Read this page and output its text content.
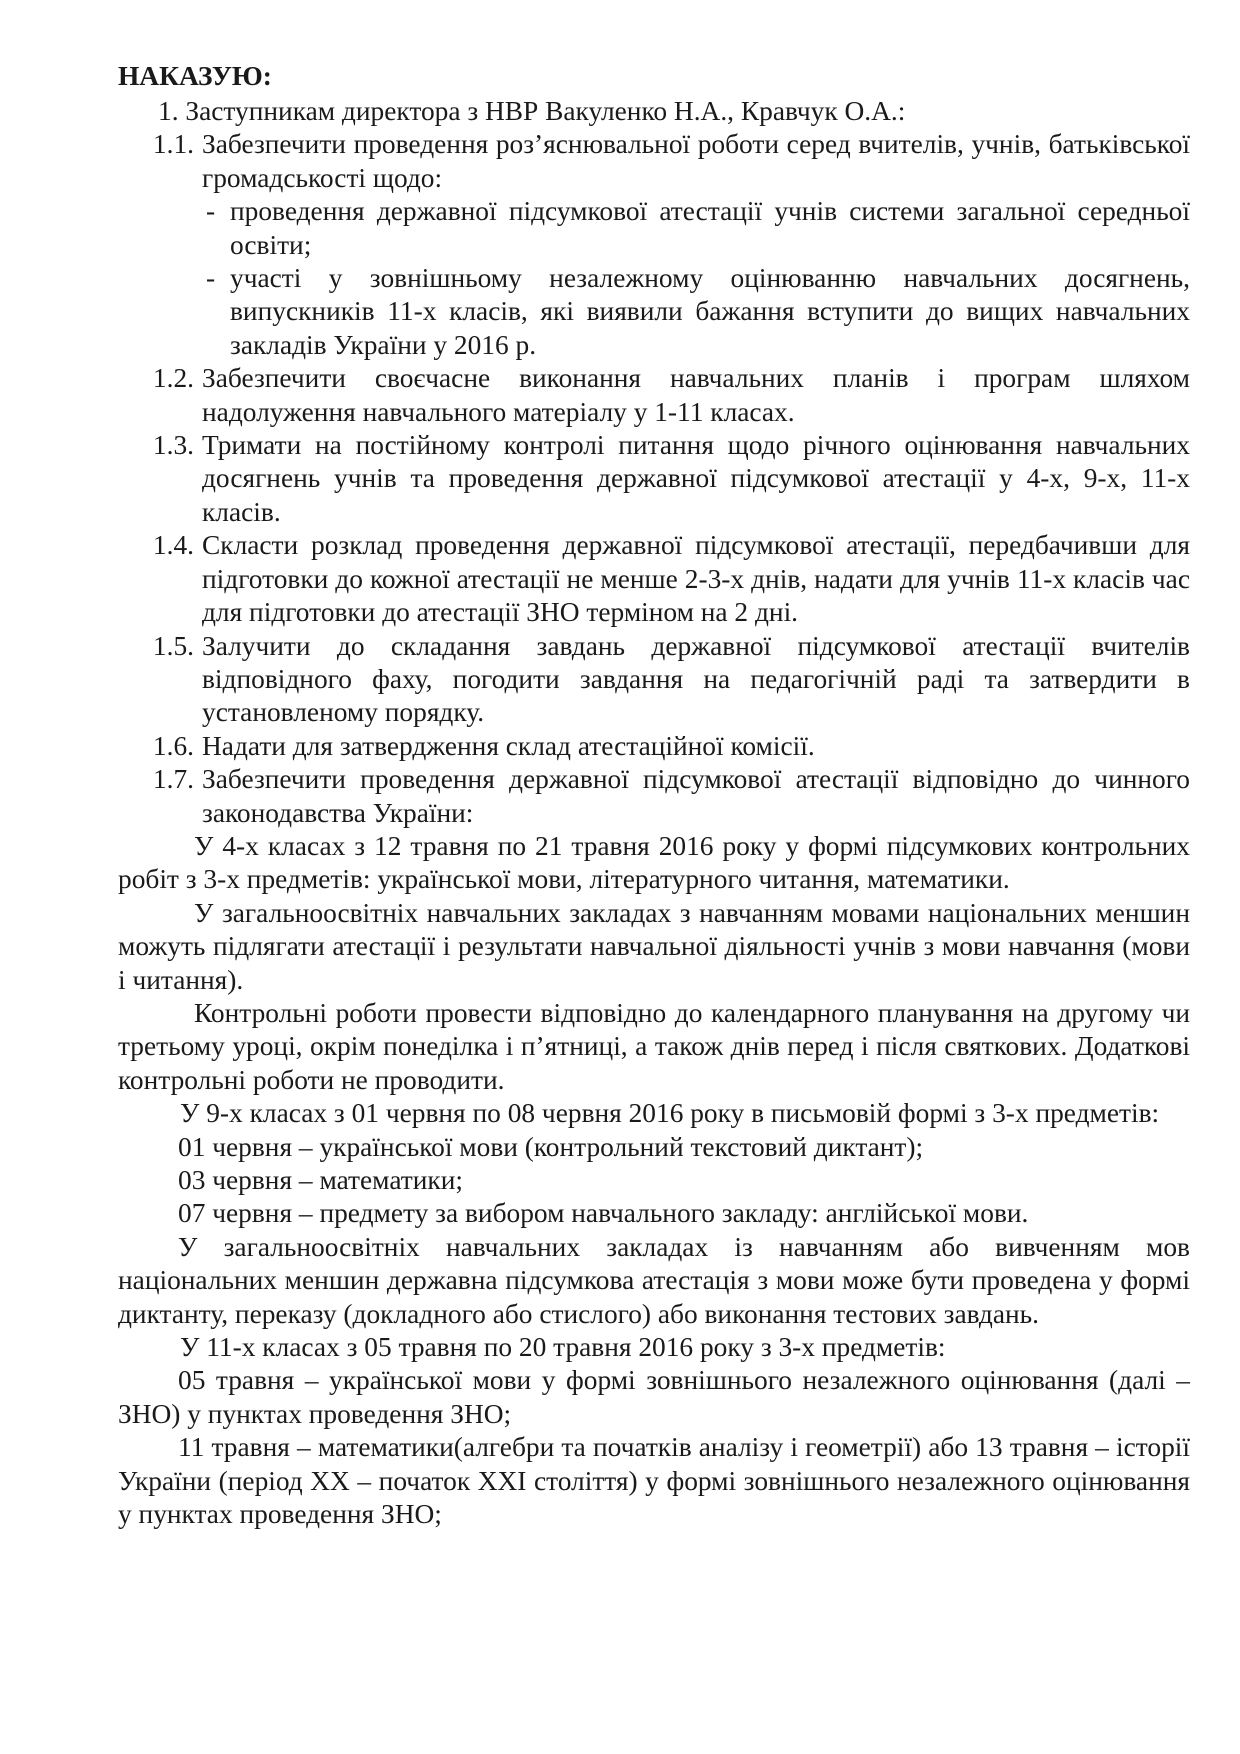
НАКАЗУЮ:

1. Заступникам директора з НВР Вакуленко Н.А., Кравчук О.А.:

1.1. Забезпечити проведення роз’яснювальної роботи серед вчителів, учнів, батьківської громадськості щодо:
- проведення державної підсумкової атестації учнів системи загальної середньої освіти;
- участі у зовнішньому незалежному оцінюванню навчальних досягнень, випускників 11-х класів, які виявили бажання вступити до вищих навчальних закладів України у 2016 р.
1.2. Забезпечити своєчасне виконання навчальних планів і програм шляхом надолуження навчального матеріалу у 1-11 класах.
1.3. Тримати на постійному контролі питання щодо річного оцінювання навчальних досягнень учнів та проведення державної підсумкової атестації у 4-х, 9-х, 11-х класів.
1.4. Скласти розклад проведення державної підсумкової атестації, передбачивши для підготовки до кожної атестації не менше 2-3-х днів, надати для учнів 11-х класів час для підготовки до атестації ЗНО терміном на 2 дні.
1.5. Залучити до складання завдань державної підсумкової атестації вчителів відповідного фаху, погодити завдання на педагогічній раді та затвердити в установленому порядку.
1.6. Надати для затвердження склад атестаційної комісії.
1.7. Забезпечити проведення державної підсумкової атестації відповідно до чинного законодавства України:

У 4-х класах з 12 травня по 21 травня 2016 року у формі підсумкових контрольних робіт з 3-х предметів: української мови, літературного читання, математики.

У загальноосвітніх навчальних закладах з навчанням мовами національних меншин можуть підлягати атестації і результати навчальної діяльності учнів з мови навчання (мови і читання).

Контрольні роботи провести відповідно до календарного планування на другому чи третьому уроці, окрім понеділка і п’ятниці, а також днів перед і після святкових. Додаткові контрольні роботи не проводити.

У 9-х класах з 01 червня по 08 червня 2016 року в письмовій формі з 3-х предметів:

01 червня – української мови (контрольний текстовий диктант);

03 червня – математики;

07 червня – предмету за вибором навчального закладу: англійської мови.

У загальноосвітніх навчальних закладах із навчанням або вивченням мов національних меншин державна підсумкова атестація з мови може бути проведена у формі диктанту, переказу (докладного або стислого) або виконання тестових завдань.

У 11-х класах з 05 травня по 20 травня 2016 року з 3-х предметів:

05 травня – української мови у формі зовнішнього незалежного оцінювання (далі – ЗНО) у пунктах проведення ЗНО;

11 травня – математики(алгебри та початків аналізу і геометрії) або 13 травня – історії України (період ХХ – початок ХХІ століття) у формі зовнішнього незалежного оцінювання у пунктах проведення ЗНО;
